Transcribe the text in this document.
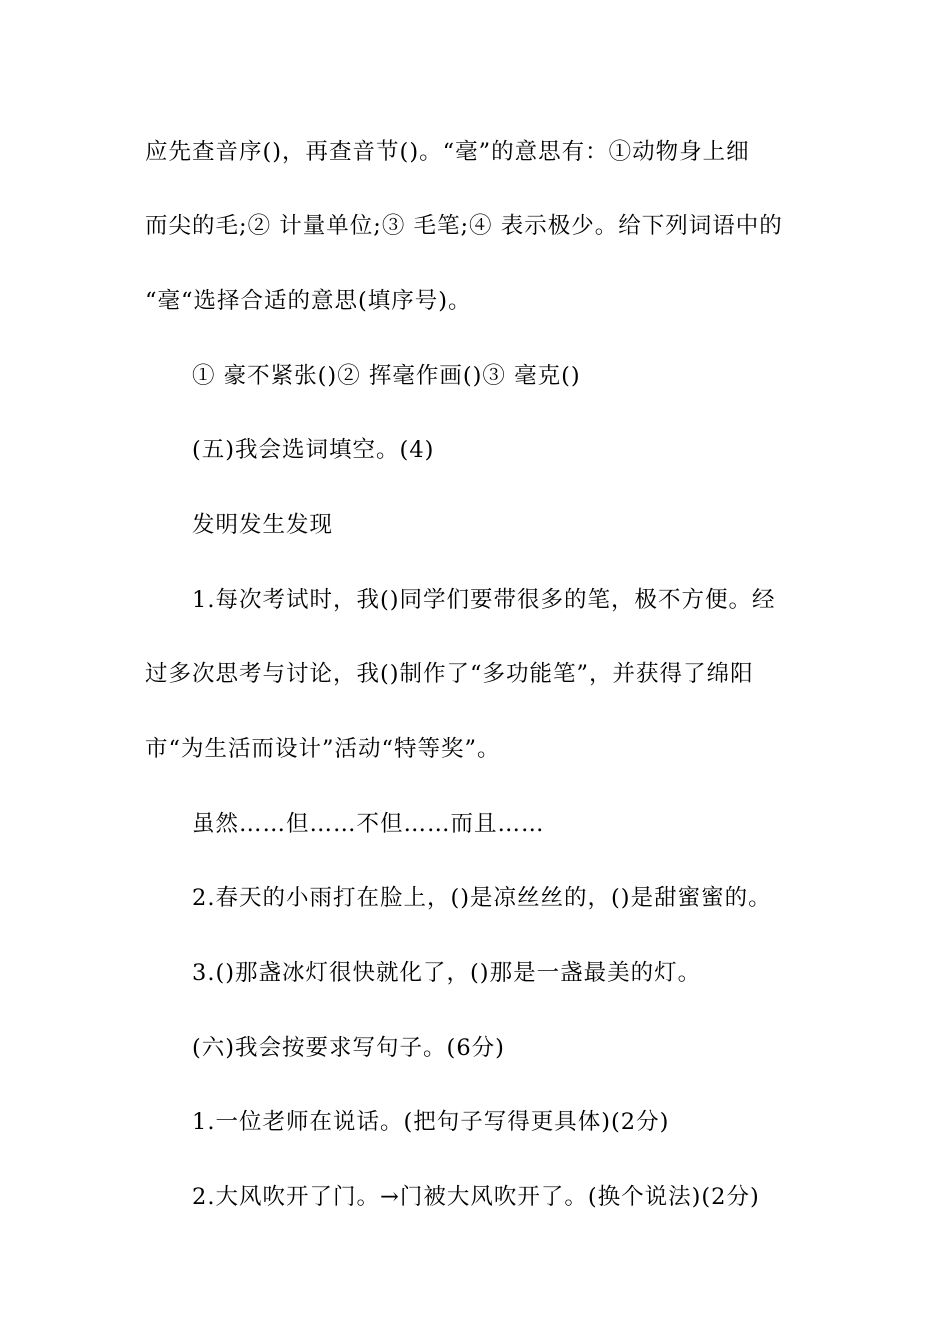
应先查音序()，再查音节()。“毫”的意思有：①动物身上细
而尖的毛;② 计量单位;③ 毛笔;④ 表示极少。给下列词语中的
“毫“选择合适的意思(填序号)。
① 豪不紧张()② 挥毫作画()③ 毫克()
(五)我会选词填空。(4)
发明发生发现
1.每次考试时，我()同学们要带很多的笔，极不方便。经
过多次思考与讨论，我()制作了“多功能笔”，并获得了绵阳
市“为生活而设计”活动“特等奖”。
虽然……但……不但……而且……
2.春天的小雨打在脸上，()是凉丝丝的，()是甜蜜蜜的。
3.()那盏冰灯很快就化了，()那是一盏最美的灯。
(六)我会按要求写句子。(6分)
1.一位老师在说话。(把句子写得更具体)(2分)
2.大风吹开了门。→门被大风吹开了。(换个说法)(2分)
